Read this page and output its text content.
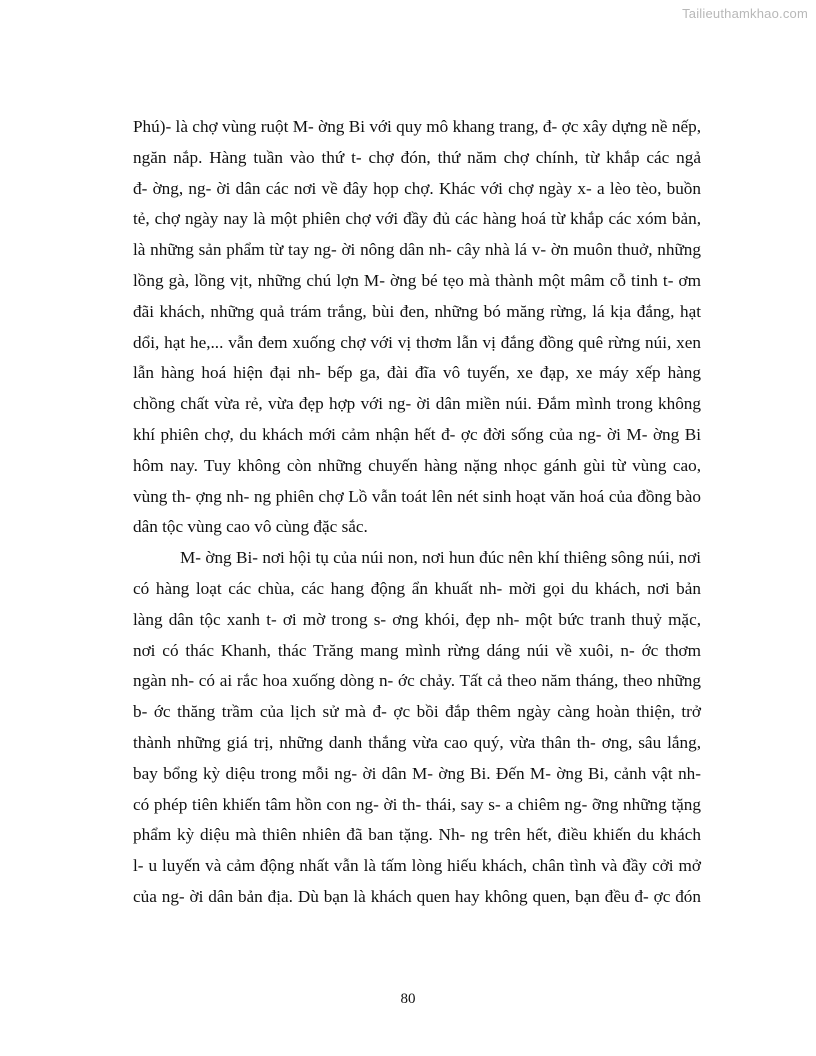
Tailieuthamkhao.com
Phú)- là chợ vùng ruột M- ờng Bi với quy mô khang trang, đ- ợc xây dựng nề nếp,
ngăn nắp. Hàng tuần vào thứ t- chợ đón, thứ năm chợ chính, từ khắp các ngả
đ- ờng, ng- ời dân các nơi về đây họp chợ. Khác với chợ ngày x- a lèo tèo, buồn
tẻ, chợ ngày nay là một phiên chợ với đầy đủ các hàng hoá từ khắp các xóm bản,
là những sản phẩm từ tay ng- ời nông dân nh- cây nhà lá v- ờn muôn thuở, những
lồng gà, lồng vịt, những chú lợn M- ờng bé tẹo mà thành một mâm cỗ tinh t- ơm
đãi khách, những quả trám trắng, bùi đen, những bó măng rừng, lá kịa đắng, hạt
dổi, hạt he,... vẫn đem xuống chợ với vị thơm lẫn vị đắng đồng quê rừng núi, xen
lẫn hàng hoá hiện đại nh- bếp ga, đài đĩa vô tuyến, xe đạp, xe máy xếp hàng
chồng chất vừa rẻ, vừa đẹp hợp với ng- ời dân miền núi. Đắm mình trong không
khí phiên chợ, du khách mới cảm nhận hết đ- ợc đời sống của ng- ời M- ờng Bi
hôm nay. Tuy không còn những chuyến hàng nặng nhọc gánh gùi từ vùng cao,
vùng th- ợng nh- ng phiên chợ Lồ vẫn toát lên nét sinh hoạt văn hoá của đồng bào
dân tộc vùng cao vô cùng đặc sắc.
M- ờng Bi- nơi hội tụ của núi non, nơi hun đúc nên khí thiêng sông núi, nơi
có hàng loạt các chùa, các hang động ẩn khuất nh- mời gọi du khách, nơi bản
làng dân tộc xanh t- ơi mờ trong s- ơng khói, đẹp nh- một bức tranh thuỷ mặc,
nơi có thác Khanh, thác Trăng mang mình rừng dáng núi về xuôi, n- ớc thơm
ngàn nh- có ai rắc hoa xuống dòng n- ớc chảy. Tất cả theo năm tháng, theo những
b- ớc thăng trầm của lịch sử mà đ- ợc bồi đắp thêm ngày càng hoàn thiện, trở
thành những giá trị, những danh thắng vừa cao quý, vừa thân th- ơng, sâu lắng,
bay bổng kỳ diệu trong mỗi ng- ời dân M- ờng Bi. Đến M- ờng Bi, cảnh vật nh-
có phép tiên khiến tâm hồn con ng- ời th- thái, say s- a chiêm ng- ỡng những tặng
phẩm kỳ diệu mà thiên nhiên đã ban tặng. Nh- ng trên hết, điều khiến du khách
l- u luyến và cảm động nhất vẫn là tấm lòng hiếu khách, chân tình và đầy cởi mở
của ng- ời dân bản địa. Dù bạn là khách quen hay không quen, bạn đều đ- ợc đón
80
